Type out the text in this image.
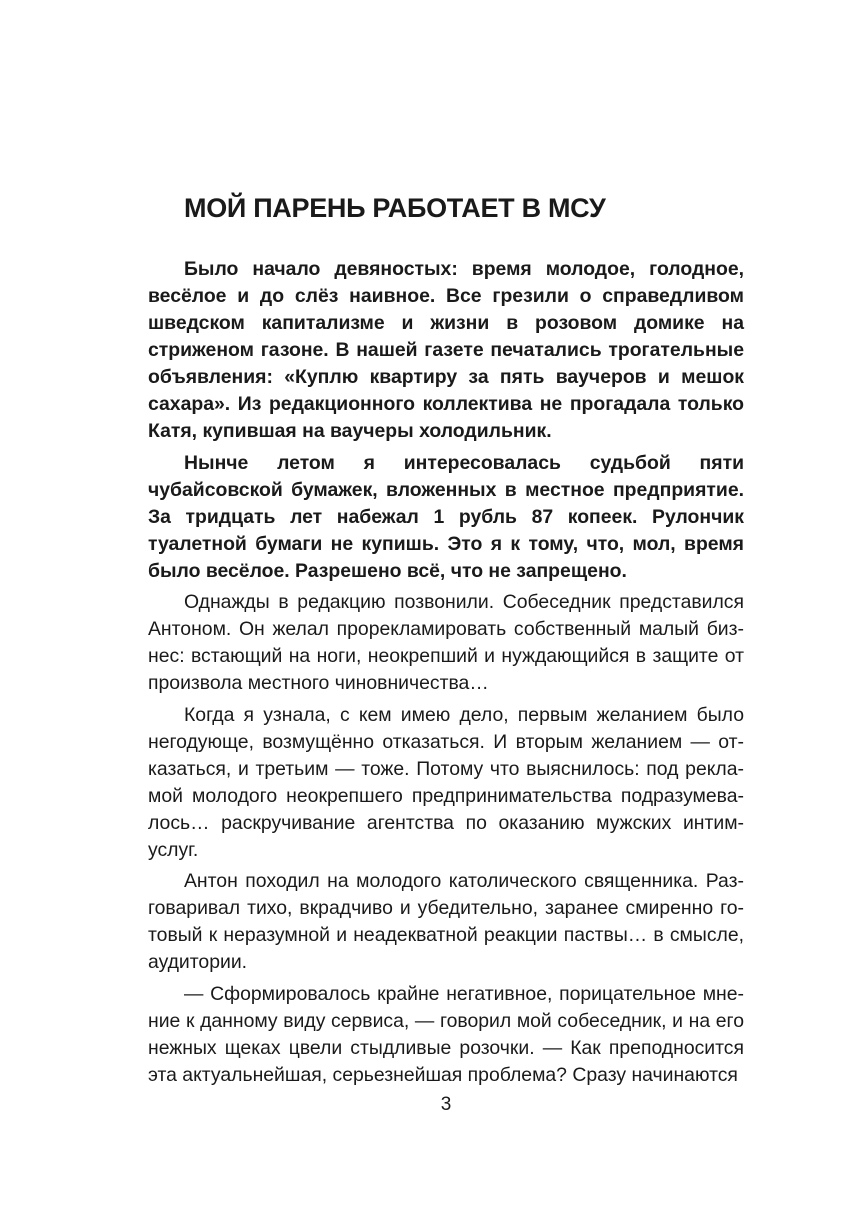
МОЙ ПАРЕНЬ РАБОТАЕТ В МСУ

Было начало девяностых: время молодое, голодное, весёлое и до слёз наивное. Все грезили о справедливом шведском капитализме и жизни в розовом домике на стриженом газоне. В нашей газете печатались трогательные объявления: «Куплю квартиру за пять ваучеров и мешок сахара». Из редакционного коллектива не прогадала только Катя, купившая на ваучеры холодильник.

Нынче летом я интересовалась судьбой пяти чубайсовской бумажек, вложенных в местное предприятие. За тридцать лет набежал 1 рубль 87 копеек. Рулончик туалетной бумаги не купишь. Это я к тому, что, мол, время было весёлое. Разрешено всё, что не запрещено.

Однажды в редакцию позвонили. Собеседник представился Антоном. Он желал прорекламировать собственный малый бизнес: встающий на ноги, неокрепший и нуждающийся в защите от произвола местного чиновничества…

Когда я узнала, с кем имею дело, первым желанием было негодующе, возмущённо отказаться. И вторым желанием — отказаться, и третьим — тоже. Потому что выяснилось: под рекламой молодого неокрепшего предпринимательства подразумевалось… раскручивание агентства по оказанию мужских интим-услуг.

Антон походил на молодого католического священника. Разговаривал тихо, вкрадчиво и убедительно, заранее смиренно готовый к неразумной и неадекватной реакции паствы… в смысле, аудитории.

— Сформировалось крайне негативное, порицательное мнение к данному виду сервиса, — говорил мой собеседник, и на его нежных щеках цвели стыдливые розочки. — Как преподносится эта актуальнейшая, серьезнейшая проблема? Сразу начинаются

3
